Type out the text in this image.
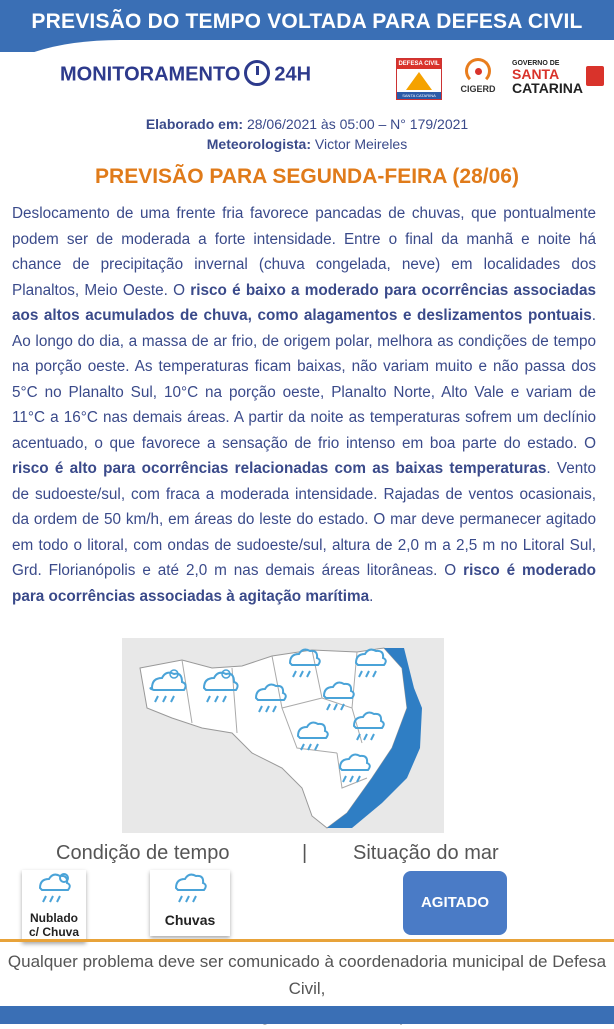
PREVISÃO DO TEMPO VOLTADA PARA DEFESA CIVIL
MONITORAMENTO 24H	DEFESA CIVIL
SANTA CATARINA
CIGERD
GOVERNO DE
SANTA
CATARINA
Elaborado em: 28/06/2021 às 05:00 – N° 179/2021
Meteorologista: Victor Meireles
PREVISÃO PARA SEGUNDA-FEIRA (28/06)
Deslocamento de uma frente fria favorece pancadas de chuvas, que pontualmente podem ser de moderada a forte intensidade. Entre o final da manhã e noite há chance de precipitação invernal (chuva congelada, neve) em localidades dos Planaltos, Meio Oeste. O risco é baixo a moderado para ocorrências associadas aos altos acumulados de chuva, como alagamentos e deslizamentos pontuais. Ao longo do dia, a massa de ar frio, de origem polar, melhora as condições de tempo na porção oeste. As temperaturas ficam baixas, não variam muito e não passa dos 5°C no Planalto Sul, 10°C na porção oeste, Planalto Norte, Alto Vale e variam de 11°C a 16°C nas demais áreas. A partir da noite as temperaturas sofrem um declínio acentuado, o que favorece a sensação de frio intenso em boa parte do estado. O risco é alto para ocorrências relacionadas com as baixas temperaturas. Vento de sudoeste/sul, com fraca a moderada intensidade. Rajadas de ventos ocasionais, da ordem de 50 km/h, em áreas do leste do estado. O mar deve permanecer agitado em todo o litoral, com ondas de sudoeste/sul, altura de 2,0 m a 2,5 m no Litoral Sul, Grd. Florianópolis e até 2,0 m nas demais áreas litorâneas. O risco é moderado para ocorrências associadas à agitação marítima.
Condição de tempo	| Situação do mar
Nublado
c/ Chuva
Chuvas
AGITADO
Qualquer problema deve ser comunicado à coordenadoria municipal de Defesa Civil,
